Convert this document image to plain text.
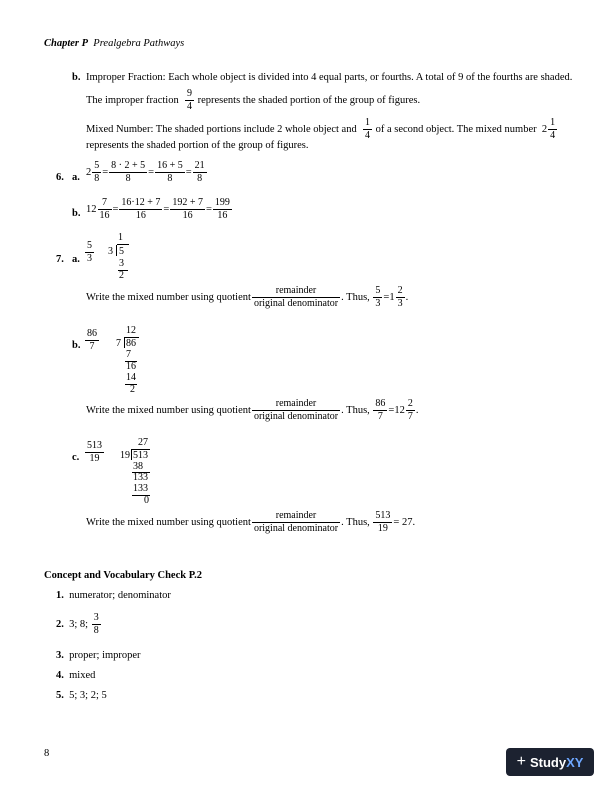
Chapter P Prealgebra Pathways
b. Improper Fraction: Each whole object is divided into 4 equal parts, or fourths. A total of 9 of the fourths are shaded.
The improper fraction
$\frac{9}{4}$
represents the shaded portion of the group of figures.
Mixed Number: The shaded portions include 2 whole object and
$\frac{1}{4}$
of a second object. The mixed number
$2 \frac{1}{4}$
represents the shaded portion of the group of figures.
6. a. $2 \frac{5}{8} = \frac{8 \cdot 2 + 5}{8} = \frac{16 + 5}{8} = \frac{21}{8}$
b. $12 \frac{7}{16} = \frac{16\cdot 12 + 7}{16} = \frac{192 + 7}{16} = \frac{199}{16}$
7. a. $\frac{5}{3}$
1
3 5
3
2
Write the mixed number using
quotient $\frac{\text{remainder}}{\text{original denominator}}$ . Thus,
$\frac{5}{3} = 1 \frac{2}{3}$ .
b. $\frac{86}{7}$	12
7 86
7
16
14
2
Write the mixed number using
quotient $\frac{\text{remainder}}{\text{original denominator}}$ . Thus,
$\frac{86}{7} = 12 \frac{2}{7}$ .
c. $\frac{513}{19}$	27
19 513
38
133
133
0
Write the mixed number using
quotient $\frac{\text{remainder}}{\text{original denominator}}$ . Thus,
$\frac{513}{19} = 27$.
Concept and Vocabulary Check P.2
1.
numerator; denominator
2.
3; 8;
$\frac{3}{8}$
3.
proper; improper
4.
mixed
5.
5; 3; 2; 5
8	+ Study XY
